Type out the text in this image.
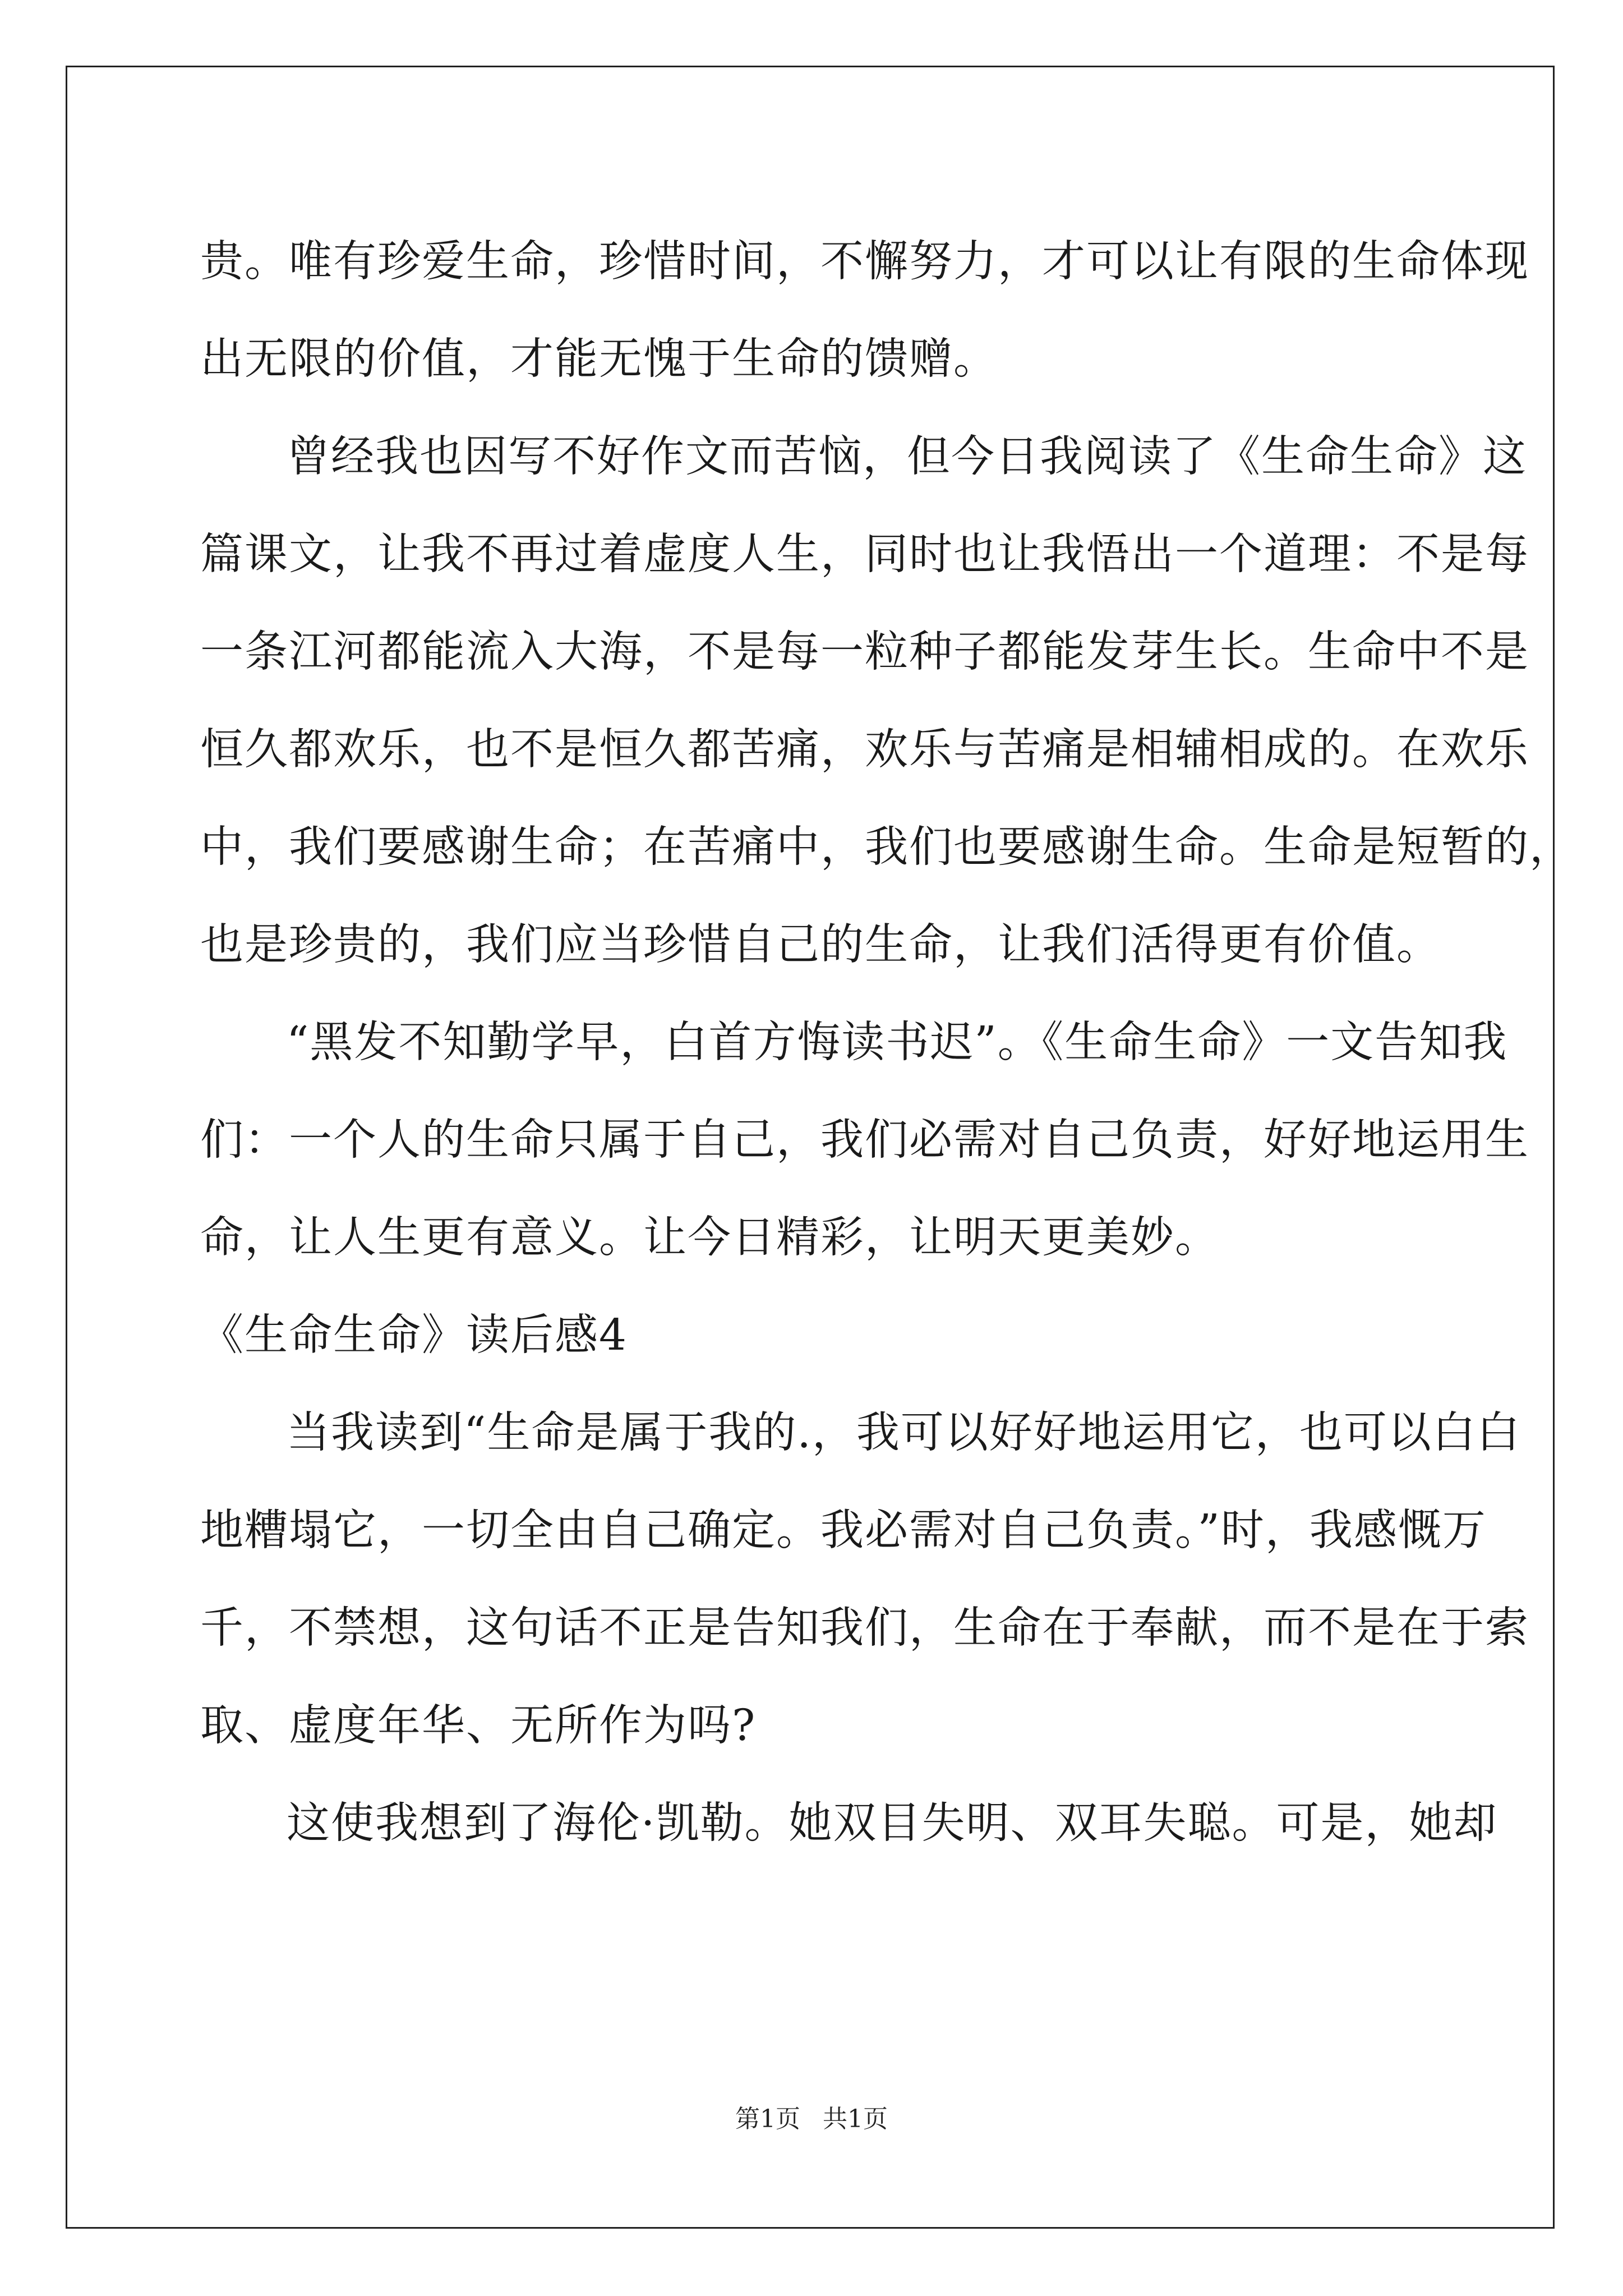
贵。唯有珍爱生命，珍惜时间，不懈努力，才可以让有限的生命体现
出无限的价值，才能无愧于生命的馈赠。

曾经我也因写不好作文而苦恼，但今日我阅读了《生命生命》这
篇课文，让我不再过着虚度人生，同时也让我悟出一个道理：不是每
一条江河都能流入大海，不是每一粒种子都能发芽生长。生命中不是
恒久都欢乐，也不是恒久都苦痛，欢乐与苦痛是相辅相成的。在欢乐
中，我们要感谢生命；在苦痛中，我们也要感谢生命。生命是短暂的，
也是珍贵的，我们应当珍惜自己的生命，让我们活得更有价值。

“黑发不知勤学早，白首方悔读书迟”。《生命生命》一文告知我
们：一个人的生命只属于自己，我们必需对自己负责，好好地运用生
命，让人生更有意义。让今日精彩，让明天更美妙。

《生命生命》读后感4

当我读到“生命是属于我的.，我可以好好地运用它，也可以白白
地糟塌它，一切全由自己确定。我必需对自己负责。”时，我感慨万
千，不禁想，这句话不正是告知我们，生命在于奉献，而不是在于索
取、虚度年华、无所作为吗?

这使我想到了海伦·凯勒。她双目失明、双耳失聪。可是，她却

第1页 共1页
